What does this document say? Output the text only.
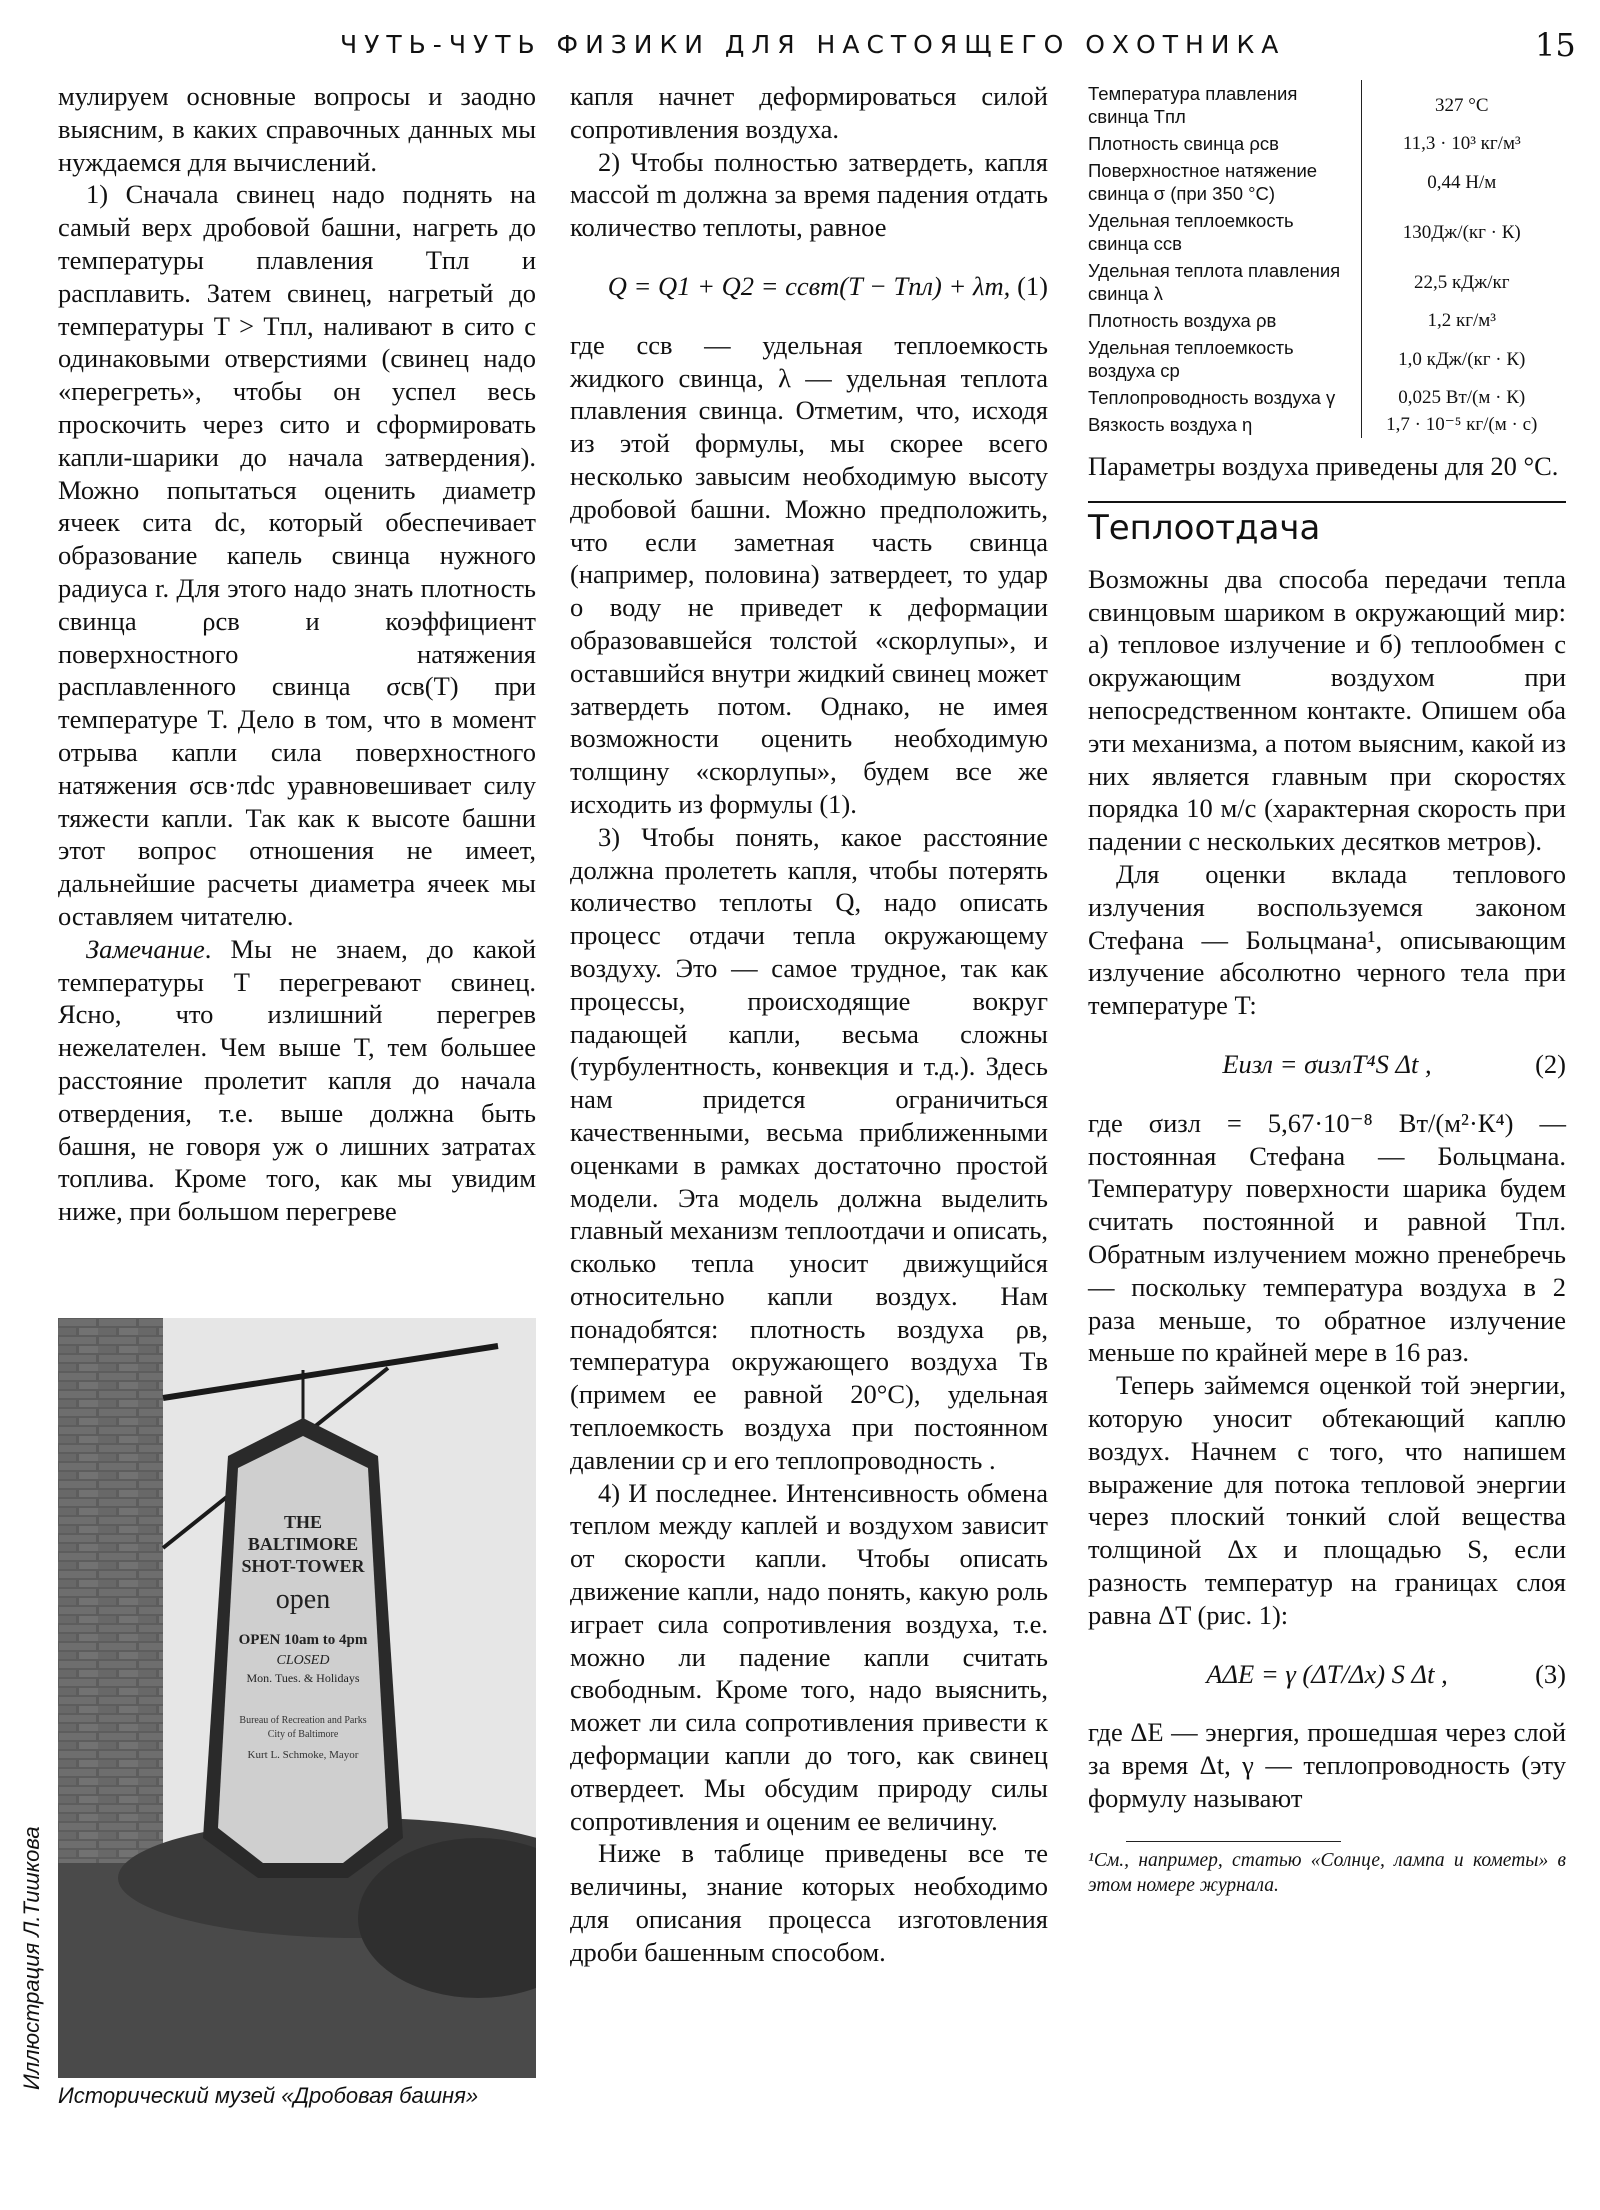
ЧУТЬ-ЧУТЬ ФИЗИКИ ДЛЯ НАСТОЯЩЕГО ОХОТНИКА	15

мулируем основные вопросы и заодно выясним, в каких справочных данных мы нуждаемся для вычислений.

1) Сначала свинец надо поднять на самый верх дробовой башни, нагреть до температуры плавления Tпл и расплавить. Затем свинец, нагретый до температуры T > Tпл, наливают в сито с одинаковыми отверстиями (свинец надо «перегреть», чтобы он успел весь проскочить через сито и сформировать капли-шарики до начала затвердения). Можно попытаться оценить диаметр ячеек сита dс, который обеспечивает образование капель свинца нужного радиуса r. Для этого надо знать плотность свинца ρсв и коэффициент поверхностного натяжения расплавленного свинца σсв(T) при температуре T. Дело в том, что в момент отрыва капли сила поверхностного натяжения σсв·πdс уравновешивает силу тяжести капли. Так как к высоте башни этот вопрос отношения не имеет, дальнейшие расчеты диаметра ячеек мы оставляем читателю.

Замечание. Мы не знаем, до какой температуры T перегревают свинец. Ясно, что излишний перегрев нежелателен. Чем выше T, тем большее расстояние пролетит капля до начала отвердения, т.е. выше должна быть башня, не говоря уж о лишних затратах топлива. Кроме того, как мы увидим ниже, при большом перегреве

THE
BALTIMORE
SHOT-TOWER
open
OPEN 10am to 4pm
CLOSED
Mon. Tues. & Holidays
Bureau of Recreation and Parks
City of Baltimore
Kurt L. Schmoke, Mayor
Исторический музей «Дробовая башня»
Иллюстрация Л.Тишкова

капля начнет деформироваться силой сопротивления воздуха.

2) Чтобы полностью затвердеть, капля массой m должна за время падения отдать количество теплоты, равное

Q = Q1 + Q2 = cсвm(T − Tпл) + λm, (1)

где cсв — удельная теплоемкость жидкого свинца, λ — удельная теплота плавления свинца. Отметим, что, исходя из этой формулы, мы скорее всего несколько завысим необходимую высоту дробовой башни. Можно предположить, что если заметная часть свинца (например, половина) затвердеет, то удар о воду не приведет к деформации образовавшейся толстой «скорлупы», и оставшийся внутри жидкий свинец может затвердеть потом. Однако, не имея возможности оценить необходимую толщину «скорлупы», будем все же исходить из формулы (1).

3) Чтобы понять, какое расстояние должна пролететь капля, чтобы потерять количество теплоты Q, надо описать процесс отдачи тепла окружающему воздуху. Это — самое трудное, так как процессы, происходящие вокруг падающей капли, весьма сложны (турбулентность, конвекция и т.д.). Здесь нам придется ограничиться качественными, весьма приближенными оценками в рамках достаточно простой модели. Эта модель должна выделить главный механизм теплоотдачи и описать, сколько тепла уносит движущийся относительно капли воздух. Нам понадобятся: плотность воздуха ρв, температура окружающего воздуха Tв (примем ее равной 20°C), удельная теплоемкость воздуха при постоянном давлении cp и его теплопроводность .

4) И последнее. Интенсивность обмена теплом между каплей и воздухом зависит от скорости капли. Чтобы описать движение капли, надо понять, какую роль играет сила сопротивления воздуха, т.е. можно ли падение капли считать свободным. Кроме того, надо выяснить, может ли сила сопротивления привести к деформации капли до того, как свинец отвердеет. Мы обсудим природу силы сопротивления и оценим ее величину.

Ниже в таблице приведены все те величины, знание которых необходимо для описания процесса изготовления дроби башенным способом.

Температура плавления свинца Tпл	327 °C
Плотность свинца ρсв	11,3 · 10³ кг/м³
Поверхностное натяжение свинца σ (при 350 °C)	0,44 Н/м
Удельная теплоемкость свинца cсв	130Дж/(кг · К)
Удельная теплота плавления свинца λ	22,5 кДж/кг
Плотность воздуха ρв	1,2 кг/м³
Удельная теплоемкость воздуха cp	1,0 кДж/(кг · К)
Теплопроводность воздуха γ	0,025 Вт/(м · К)
Вязкость воздуха η	1,7 · 10⁻⁵ кг/(м · с)

Параметры воздуха приведены для 20 °C.

Теплоотдача

Возможны два способа передачи тепла свинцовым шариком в окружающий мир: а) тепловое излучение и б) теплообмен с окружающим воздухом при непосредственном контакте. Опишем оба эти механизма, а потом выясним, какой из них является главным при скоростях порядка 10 м/с (характерная скорость при падении с нескольких десятков метров).

Для оценки вклада теплового излучения воспользуемся законом Стефана — Больцмана¹, описывающим излучение абсолютно черного тела при температуре T:

Eизл = σизлT⁴S Δt ,	(2)

где σизл = 5,67·10⁻⁸ Вт/(м²·К⁴) — постоянная Стефана — Больцмана. Температуру поверхности шарика будем считать постоянной и равной Tпл. Обратным излучением можно пренебречь — поскольку температура воздуха в 2 раза меньше, то обратное излучение меньше по крайней мере в 16 раз.

Теперь займемся оценкой той энергии, которую уносит обтекающий каплю воздух. Начнем с того, что напишем выражение для потока тепловой энергии через плоский тонкий слой вещества толщиной Δx и площадью S, если разность температур на границах слоя равна ΔT (рис. 1):

AΔE = γ (ΔT/Δx) S Δt ,	(3)

где ΔE — энергия, прошедшая через слой за время Δt, γ — теплопроводность (эту формулу называют

¹См., например, статью «Солнце, лампа и кометы» в этом номере журнала.
